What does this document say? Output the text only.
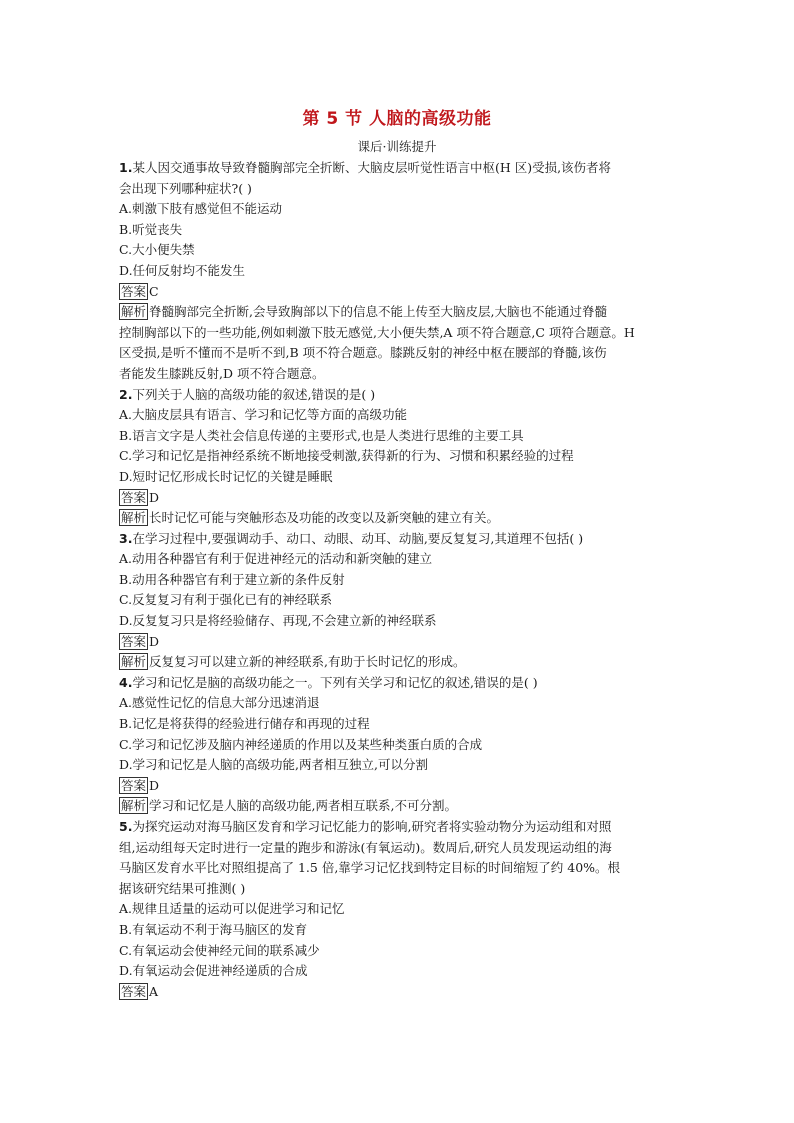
第 5 节 人脑的高级功能
课后·训练提升
1.某人因交通事故导致脊髓胸部完全折断、大脑皮层听觉性语言中枢(H 区)受损,该伤者将
会出现下列哪种症状?( )
A.刺激下肢有感觉但不能运动
B.听觉丧失
C.大小便失禁
D.任何反射均不能发生
答案 C
解析 脊髓胸部完全折断,会导致胸部以下的信息不能上传至大脑皮层,大脑也不能通过脊髓
控制胸部以下的一些功能,例如刺激下肢无感觉,大小便失禁,A 项不符合题意,C 项符合题意。H
区受损,是听不懂而不是听不到,B 项不符合题意。膝跳反射的神经中枢在腰部的脊髓,该伤
者能发生膝跳反射,D 项不符合题意。
2.下列关于人脑的高级功能的叙述,错误的是( )
A.大脑皮层具有语言、学习和记忆等方面的高级功能
B.语言文字是人类社会信息传递的主要形式,也是人类进行思维的主要工具
C.学习和记忆是指神经系统不断地接受刺激,获得新的行为、习惯和积累经验的过程
D.短时记忆形成长时记忆的关键是睡眠
答案 D
解析 长时记忆可能与突触形态及功能的改变以及新突触的建立有关。
3.在学习过程中,要强调动手、动口、动眼、动耳、动脑,要反复复习,其道理不包括( )
A.动用各种器官有利于促进神经元的活动和新突触的建立
B.动用各种器官有利于建立新的条件反射
C.反复复习有利于强化已有的神经联系
D.反复复习只是将经验储存、再现,不会建立新的神经联系
答案 D
解析 反复复习可以建立新的神经联系,有助于长时记忆的形成。
4.学习和记忆是脑的高级功能之一。下列有关学习和记忆的叙述,错误的是( )
A.感觉性记忆的信息大部分迅速消退
B.记忆是将获得的经验进行储存和再现的过程
C.学习和记忆涉及脑内神经递质的作用以及某些种类蛋白质的合成
D.学习和记忆是人脑的高级功能,两者相互独立,可以分割
答案 D
解析 学习和记忆是人脑的高级功能,两者相互联系,不可分割。
5.为探究运动对海马脑区发育和学习记忆能力的影响,研究者将实验动物分为运动组和对照
组,运动组每天定时进行一定量的跑步和游泳(有氧运动)。数周后,研究人员发现运动组的海
马脑区发育水平比对照组提高了 1.5 倍,靠学习记忆找到特定目标的时间缩短了约 40%。根
据该研究结果可推测( )
A.规律且适量的运动可以促进学习和记忆
B.有氧运动不利于海马脑区的发育
C.有氧运动会使神经元间的联系减少
D.有氧运动会促进神经递质的合成
答案 A
